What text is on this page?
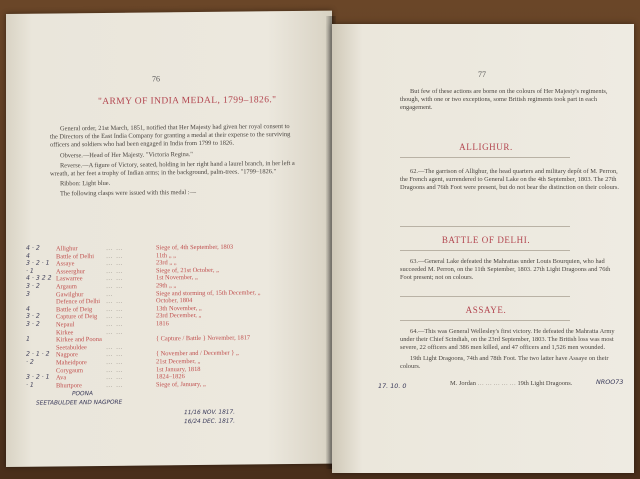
76
"ARMY OF INDIA MEDAL, 1799–1826."

General order, 21st March, 1851, notified that Her Majesty had given her royal consent to the Directors of the East India Company for granting a medal at their expense to the surviving officers and soldiers who had been engaged in India from 1799 to 1826.

Obverse.—Head of Her Majesty. "Victoria Regina."

Reverse.—A figure of Victory, seated, holding in her right hand a laurel branch, in her left a wreath, at her feet a trophy of Indian arms; in the background, palm-trees. "1799–1826."

Ribbon: Light blue.

The following clasps were issued with this medal :—

4 · 2	Allighur	… …	Siege of, 4th September, 1803
4	Battle of Delhi … …	11th „ „
3 · 2 · 1 Assaye	… …	23rd „ „
· 1	Asseerghur	… …	Siege of, 21st October, „
4 · 3 2 2 Laswarree	… …	1st November, „
3 · 2	Argaum	… …	29th „ „
3	Gawilghur	…	Siege and storming of, 15th December, „
Defence of Delhi … …	October, 1804
4	Battle of Deig … …	13th November, „
3 · 2	Capture of Deig … …	23rd December, „
3 · 2	Nepaul	… …	1816
Kirkee	… …
1	Kirkee and Poona	{ Capture / Battle } November, 1817
Seetabuldee	… …
2 · 1 · 2 Nagpore	… …	{ November and / December } „
· 2	Maheidpore	… …	21st December, „
Corygaum	… …	1st January, 1818
3 · 2 · 1 Ava	… …	1824–1826
· 1	Bhurtpore	… …	Siege of, January, „
POONA
SEETABULDEE AND NAGPORE
11/16 NOV. 1817.
16/24 DEC. 1817.
77

But few of these actions are borne on the colours of Her Majesty's regiments, though, with one or two exceptions, some British regiments took part in each engagement.

ALLIGHUR.

62.—The garrison of Allighur, the head quarters and military depôt of M. Perron, the French agent, surrendered to General Lake on the 4th September, 1803. The 27th Dragoons and 76th Foot were present, but do not bear the distinction on their colours.

BATTLE OF DELHI.

63.—General Lake defeated the Mahrattas under Louis Bourquien, who had succeeded M. Perron, on the 11th September, 1803. 27th Light Dragoons and 76th Foot present; not on colours.

ASSAYE.

64.—This was General Wellesley's first victory. He defeated the Mahratta Army under their Chief Scindiah, on the 23rd September, 1803. The British loss was most severe, 22 officers and 386 men killed, and 47 officers and 1,526 men wounded.

19th Light Dragoons, 74th and 78th Foot. The two latter have Assaye on their colours.

17. 10. 0	M. Jordan … … … … … 19th Light Dragoons.	NROO73
